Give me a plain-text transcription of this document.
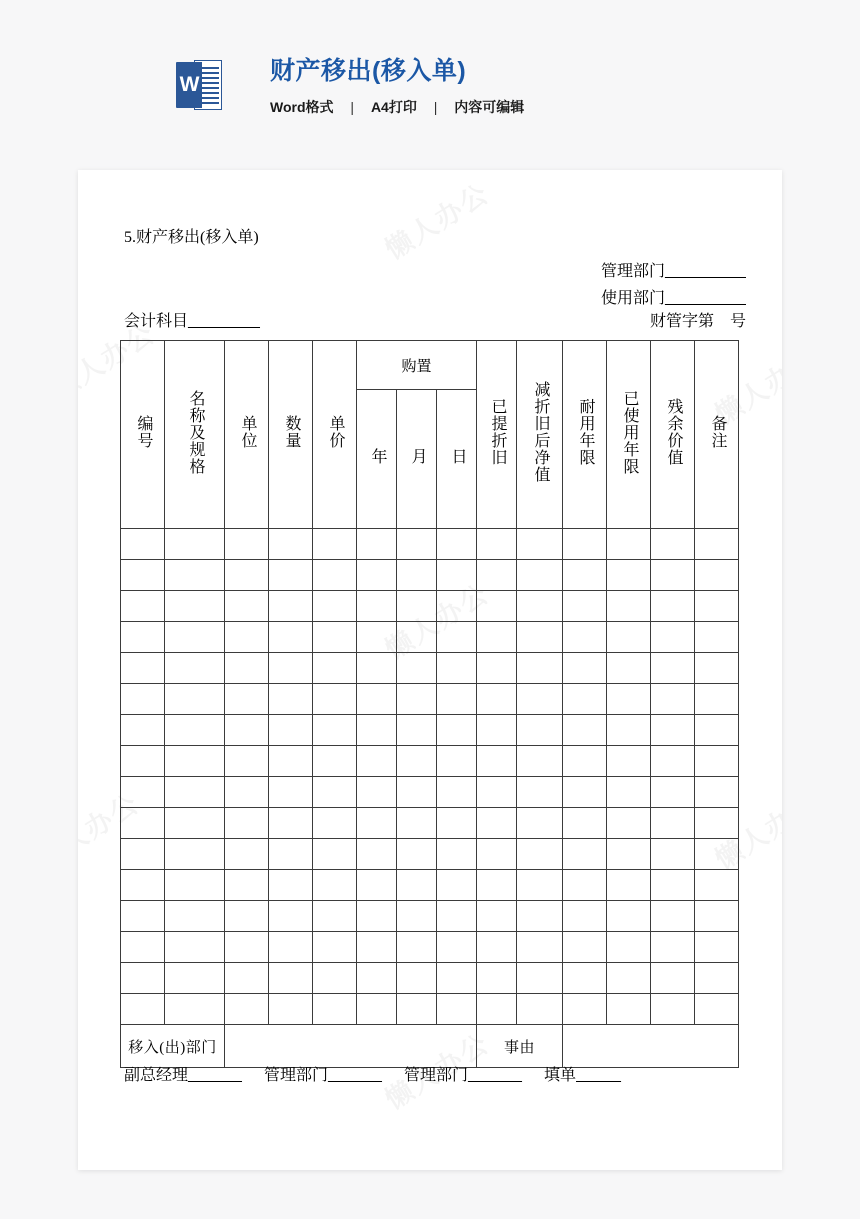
W	财产移出(移入单)
Word格式 | A4打印 | 内容可编辑
5.财产移出(移入单)
管理部门_________
使用部门_________
会计科目________	财管字第　号
编号	名称及规格	单位	数量	单价	购置			已提折旧	减折旧后净值	耐用年限	已使用年限	残余价值	备注
					年	月	日						

移入(出)部门								事由					
副总经理______ 管理部门______ 管理部门______ 填单_____
